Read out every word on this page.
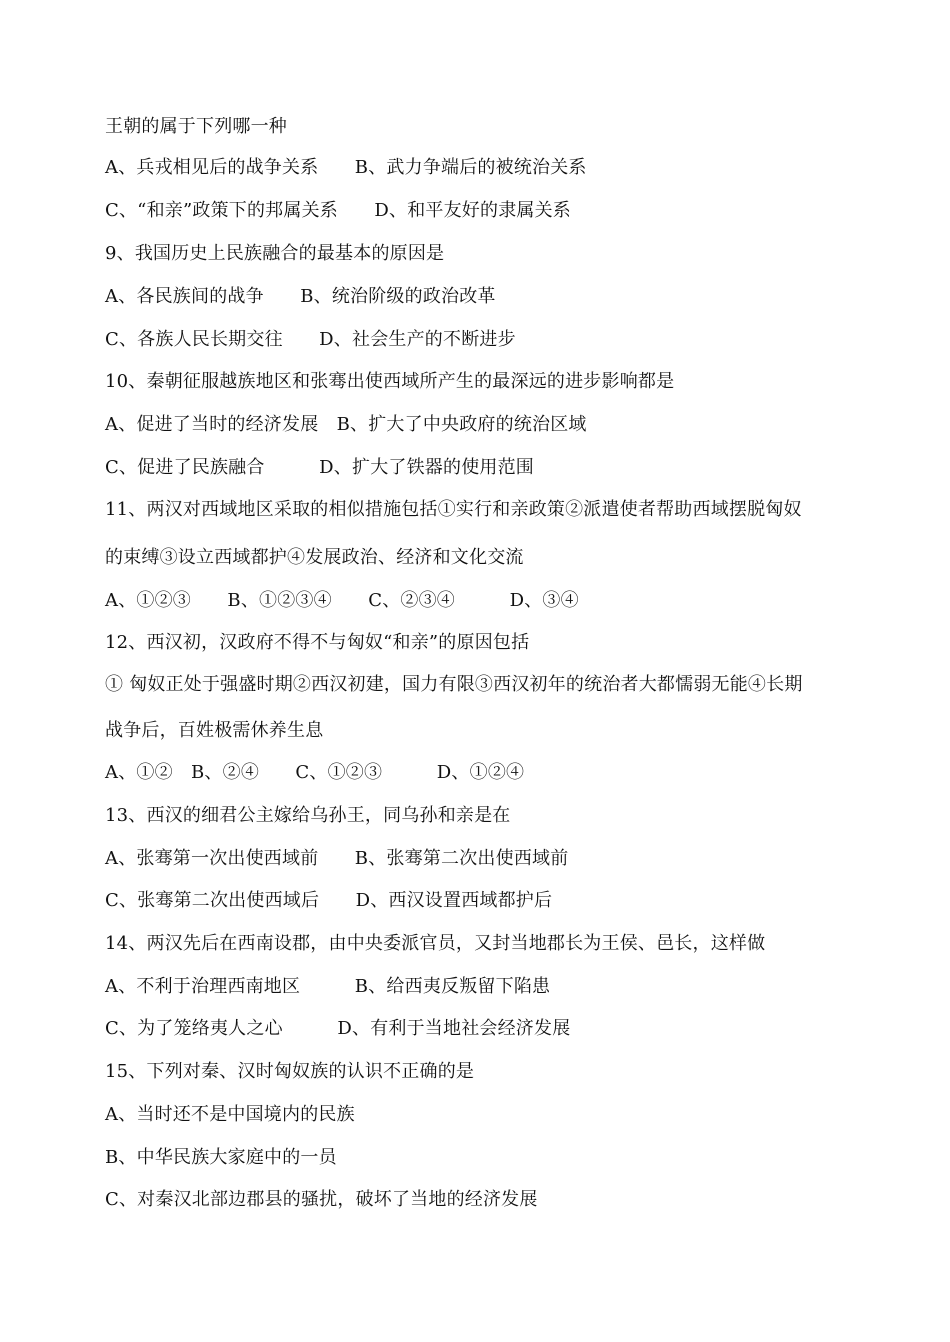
王朝的属于下列哪一种
A、兵戎相见后的战争关系　　B、武力争端后的被统治关系
C、“和亲”政策下的邦属关系　　D、和平友好的隶属关系
9、我国历史上民族融合的最基本的原因是
A、各民族间的战争　　B、统治阶级的政治改革
C、各族人民长期交往　　D、社会生产的不断进步
10、秦朝征服越族地区和张骞出使西域所产生的最深远的进步影响都是
A、促进了当时的经济发展　B、扩大了中央政府的统治区域
C、促进了民族融合　　　D、扩大了铁器的使用范围
11、两汉对西域地区采取的相似措施包括①实行和亲政策②派遣使者帮助西域摆脱匈奴
的束缚③设立西域都护④发展政治、经济和文化交流
A、①②③　　B、①②③④　　C、②③④　　　D、③④
12、西汉初，汉政府不得不与匈奴“和亲”的原因包括
① 匈奴正处于强盛时期②西汉初建，国力有限③西汉初年的统治者大都懦弱无能④长期
战争后，百姓极需休养生息
A、①②　B、②④　　C、①②③　　　D、①②④
13、西汉的细君公主嫁给乌孙王，同乌孙和亲是在
A、张骞第一次出使西域前　　B、张骞第二次出使西域前
C、张骞第二次出使西域后　　D、西汉设置西域都护后
14、两汉先后在西南设郡，由中央委派官员，又封当地郡长为王侯、邑长，这样做
A、不利于治理西南地区　　　B、给西夷反叛留下陷患
C、为了笼络夷人之心　　　D、有利于当地社会经济发展
15、下列对秦、汉时匈奴族的认识不正确的是
A、当时还不是中国境内的民族
B、中华民族大家庭中的一员
C、对秦汉北部边郡县的骚扰，破坏了当地的经济发展
